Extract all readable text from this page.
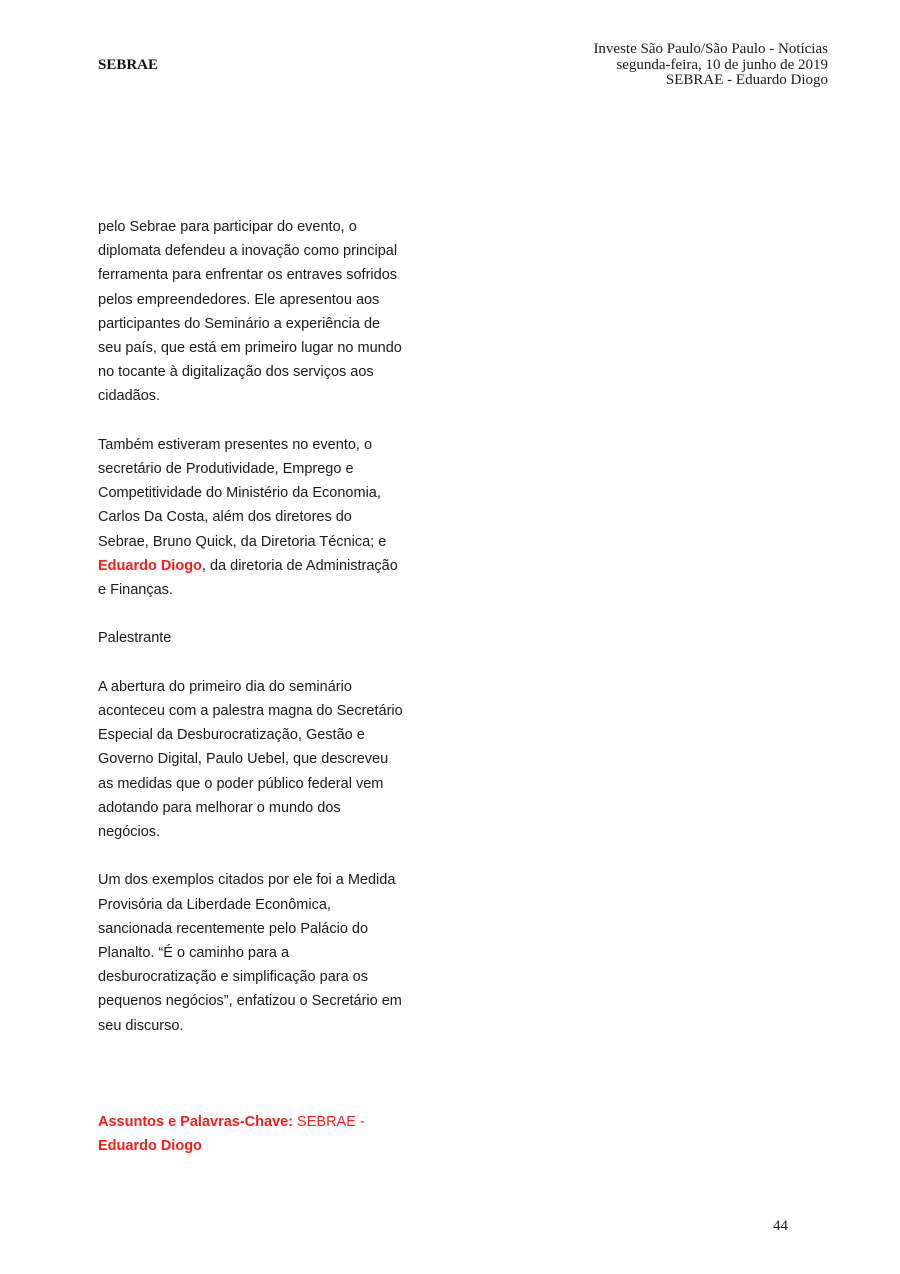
SEBRAE
Investe São Paulo/São Paulo - Notícias
segunda-feira, 10 de junho de 2019
SEBRAE - Eduardo Diogo

pelo Sebrae para participar do evento, o
diplomata defendeu a inovação como principal
ferramenta para enfrentar os entraves sofridos
pelos empreendedores. Ele apresentou aos
participantes do Seminário a experiência de
seu país, que está em primeiro lugar no mundo
no tocante à digitalização dos serviços aos
cidadãos.

Também estiveram presentes no evento, o
secretário de Produtividade, Emprego e
Competitividade do Ministério da Economia,
Carlos Da Costa, além dos diretores do
Sebrae, Bruno Quick, da Diretoria Técnica; e
Eduardo Diogo, da diretoria de Administração
e Finanças.

Palestrante

A abertura do primeiro dia do seminário
aconteceu com a palestra magna do Secretário
Especial da Desburocratização, Gestão e
Governo Digital, Paulo Uebel, que descreveu
as medidas que o poder público federal vem
adotando para melhorar o mundo dos
negócios.

Um dos exemplos citados por ele foi a Medida
Provisória da Liberdade Econômica,
sancionada recentemente pelo Palácio do
Planalto. “É o caminho para a
desburocratização e simplificação para os
pequenos negócios”, enfatizou o Secretário em
seu discurso.

Assuntos e Palavras-Chave: SEBRAE -
Eduardo Diogo
44
